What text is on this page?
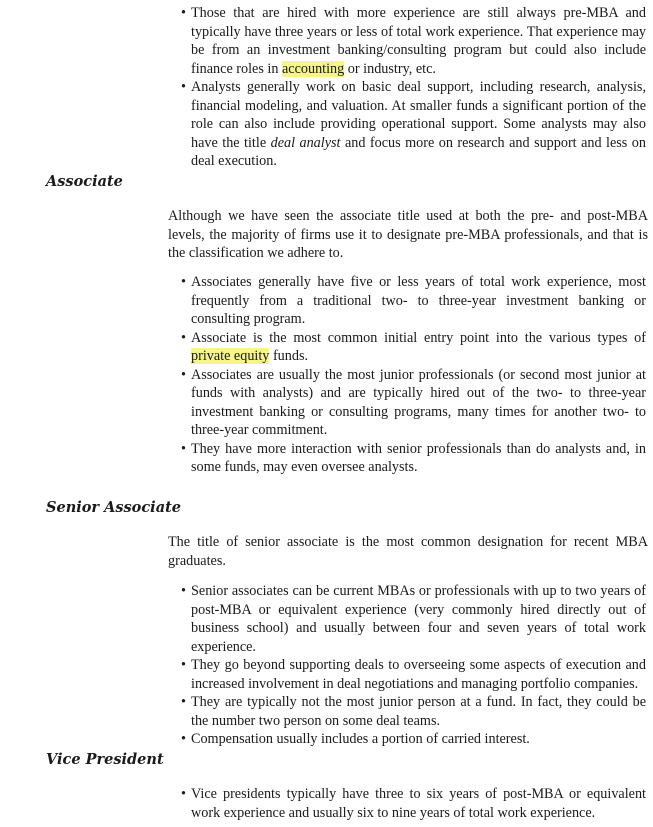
• Those that are hired with more experience are still always pre-MBA and typically have three years or less of total work experience. That experience may be from an investment banking/consulting program but could also include finance roles in accounting or industry, etc.
• Analysts generally work on basic deal support, including research, analysis, financial modeling, and valuation. At smaller funds a significant portion of the role can also include providing operational support. Some analysts may also have the title deal analyst and focus more on research and support and less on deal execution.
Associate

Although we have seen the associate title used at both the pre- and post-MBA levels, the majority of firms use it to designate pre-MBA professionals, and that is the classification we adhere to.

• Associates generally have five or less years of total work experience, most frequently from a traditional two- to three-year investment banking or consulting program.
• Associate is the most common initial entry point into the various types of private equity funds.
• Associates are usually the most junior professionals (or second most junior at funds with analysts) and are typically hired out of the two- to three-year investment banking or consulting programs, many times for another two- to three-year commitment.
• They have more interaction with senior professionals than do analysts and, in some funds, may even oversee analysts.
Senior Associate

The title of senior associate is the most common designation for recent MBA graduates.

• Senior associates can be current MBAs or professionals with up to two years of post-MBA or equivalent experience (very commonly hired directly out of business school) and usually between four and seven years of total work experience.
• They go beyond supporting deals to overseeing some aspects of execution and increased involvement in deal negotiations and managing portfolio companies.
• They are typically not the most junior person at a fund. In fact, they could be the number two person on some deal teams.
• Compensation usually includes a portion of carried interest.
Vice President
• Vice presidents typically have three to six years of post-MBA or equivalent work experience and usually six to nine years of total work experience.
